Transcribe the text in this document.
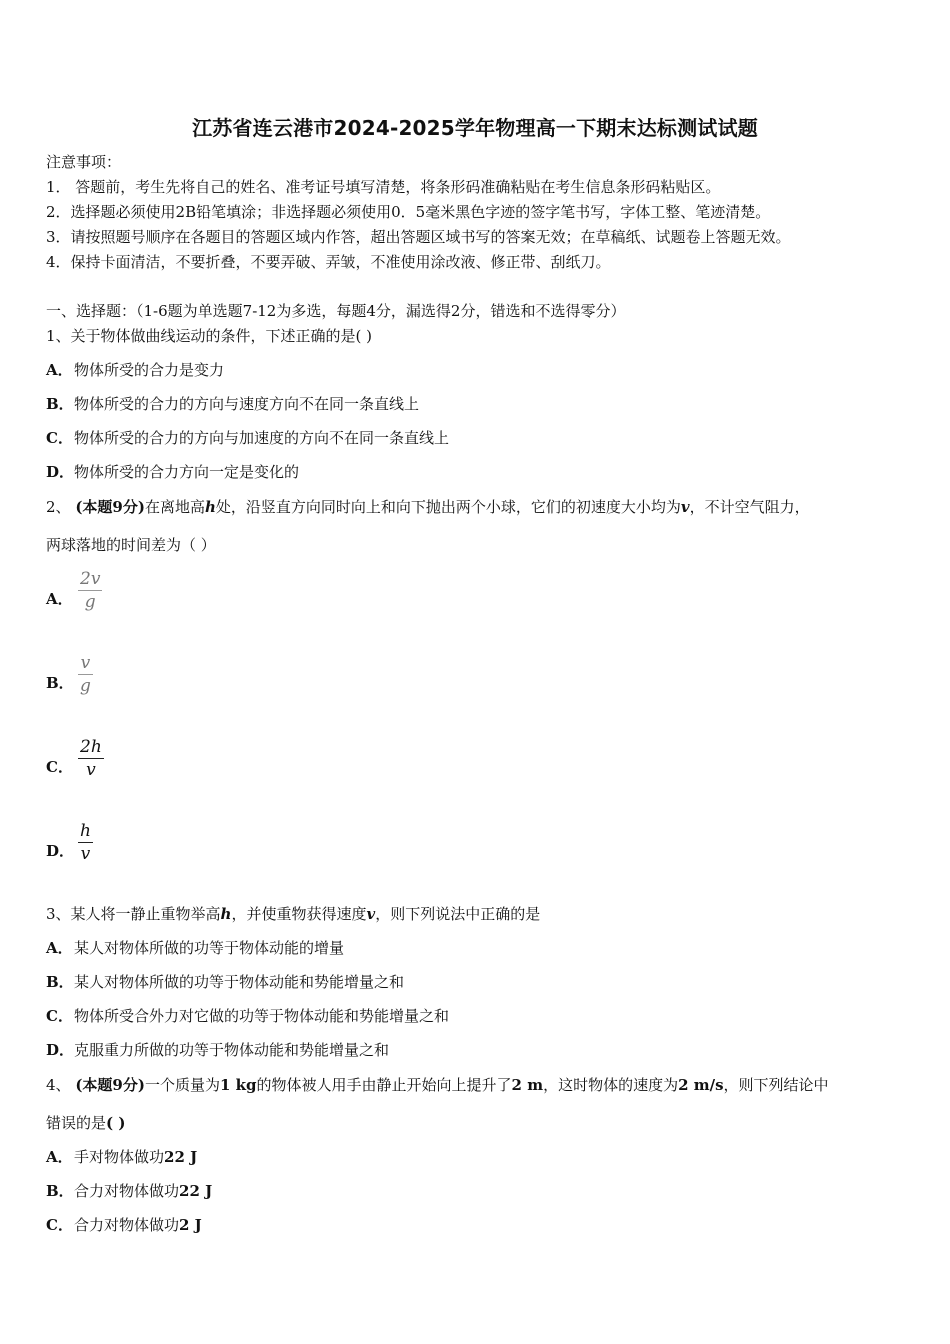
江苏省连云港市2024-2025学年物理高一下期末达标测试试题
注意事项：
1． 答题前，考生先将自己的姓名、准考证号填写清楚，将条形码准确粘贴在考生信息条形码粘贴区。
2．选择题必须使用2B铅笔填涂；非选择题必须使用0．5毫米黑色字迹的签字笔书写，字体工整、笔迹清楚。
3．请按照题号顺序在各题目的答题区域内作答，超出答题区域书写的答案无效；在草稿纸、试题卷上答题无效。
4．保持卡面清洁，不要折叠，不要弄破、弄皱，不准使用涂改液、修正带、刮纸刀。
一、选择题：（1-6题为单选题7-12为多选，每题4分，漏选得2分，错选和不选得零分）
1、关于物体做曲线运动的条件，下述正确的是( )
A．物体所受的合力是变力
B．物体所受的合力的方向与速度方向不在同一条直线上
C．物体所受的合力的方向与加速度的方向不在同一条直线上
D．物体所受的合力方向一定是变化的
2、 (本题9分)在离地高h处，沿竖直方向同时向上和向下抛出两个小球，它们的初速度大小均为v，不计空气阻力，
两球落地的时间差为（ ）
A． $\frac{2v}{g}$
B． $\frac{v}{g}$
C． $\frac{2h}{v}$
D． $\frac{h}{v}$
3、某人将一静止重物举高h，并使重物获得速度v，则下列说法中正确的是
A．某人对物体所做的功等于物体动能的增量
B．某人对物体所做的功等于物体动能和势能增量之和
C．物体所受合外力对它做的功等于物体动能和势能增量之和
D．克服重力所做的功等于物体动能和势能增量之和
4、 (本题9分)一个质量为1 kg的物体被人用手由静止开始向上提升了2 m，这时物体的速度为2 m/s，则下列结论中
错误的是( )
A．手对物体做功22 J
B．合力对物体做功22 J
C．合力对物体做功2 J
